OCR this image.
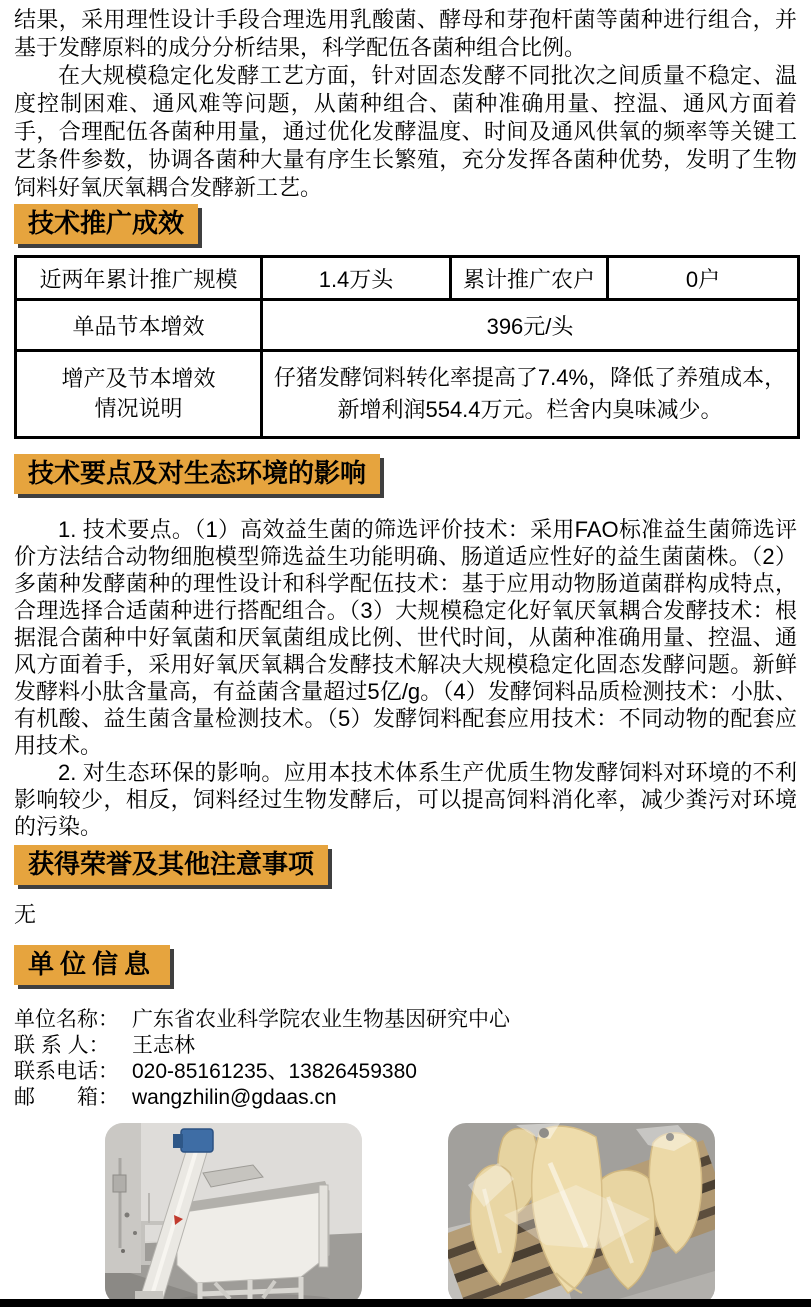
结果，采用理性设计手段合理选用乳酸菌、酵母和芽孢杆菌等菌种进行组合，并基于发酵原料的成分分析结果，科学配伍各菌种组合比例。

在大规模稳定化发酵工艺方面，针对固态发酵不同批次之间质量不稳定、温度控制困难、通风难等问题，从菌种组合、菌种准确用量、控温、通风方面着手，合理配伍各菌种用量，通过优化发酵温度、时间及通风供氧的频率等关键工艺条件参数，协调各菌种大量有序生长繁殖，充分发挥各菌种优势，发明了生物饲料好氧厌氧耦合发酵新工艺。

技术推广成效
近两年累计推广规模	1.4万头	累计推广农户	0户
单品节本增效	396元/头		

增产及节本增效
情况说明	仔猪发酵饲料转化率提高了7.4%，降低了养殖成本，新增利润554.4万元。栏舍内臭味减少。		
技术要点及对生态环境的影响

1. 技术要点。（1）高效益生菌的筛选评价技术：采用FAO标准益生菌筛选评价方法结合动物细胞模型筛选益生功能明确、肠道适应性好的益生菌菌株。（2）多菌种发酵菌种的理性设计和科学配伍技术：基于应用动物肠道菌群构成特点，合理选择合适菌种进行搭配组合。（3）大规模稳定化好氧厌氧耦合发酵技术：根据混合菌种中好氧菌和厌氧菌组成比例、世代时间，从菌种准确用量、控温、通风方面着手，采用好氧厌氧耦合发酵技术解决大规模稳定化固态发酵问题。新鲜发酵料小肽含量高，有益菌含量超过5亿/g。（4）发酵饲料品质检测技术：小肽、有机酸、益生菌含量检测技术。（5）发酵饲料配套应用技术：不同动物的配套应用技术。

2. 对生态环保的影响。应用本技术体系生产优质生物发酵饲料对环境的不利影响较少，相反，饲料经过生物发酵后，可以提高饲料消化率，减少粪污对环境的污染。

获得荣誉及其他注意事项

无

单位信息
单位名称： 广东省农业科学院农业生物基因研究中心
联 系 人：	王志林
联系电话： 020-85161235、13826459380
邮　　箱： wangzhilin@gdaas.cn
